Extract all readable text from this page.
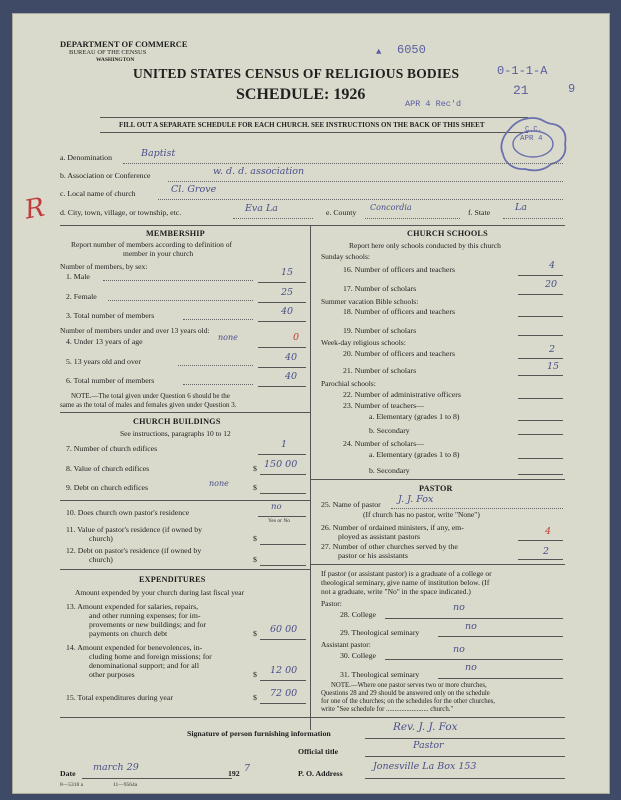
DEPARTMENT OF COMMERCE
BUREAU OF THE CENSUS
WASHINGTON
UNITED STATES CENSUS OF RELIGIOUS BODIES
SCHEDULE: 1926
FILL OUT A SEPARATE SCHEDULE FOR EACH CHURCH. SEE INSTRUCTIONS ON THE BACK OF THIS SHEET
6050
▲
0-1-1-A
APR 4 Rec'd
21	9
C.C.
APR 4
R
a. Denomination	Baptist
b. Association or Conference	w. d. d. association
c. Local name of church	Cl. Grove
d. City, town, village, or township, etc.	Eva La	e. County
Concordia
f. State	La
MEMBERSHIP
Report number of members according to definition of
member in your church
Number of members, by sex:
1. Male	15
2. Female	25
3. Total number of members	40
Number of members under and over 13 years old:
4. Under 13 years of age	none	0
5. 13 years old and over	40
6. Total number of members	40
NOTE.—The total given under Question 6 should be the
same as the total of males and females given under Question 3.
CHURCH BUILDINGS
See instructions, paragraphs 10 to 12
7. Number of church edifices	1
8. Value of church edifices	$ 150 00
9. Debt on church edifices	none	$
10. Does church own pastor's residence
no
Yes or No
11. Value of pastor's residence (if owned by
church)	$
12. Debt on pastor's residence (if owned by
church)	$
EXPENDITURES
Amount expended by your church during last fiscal year
13. Amount expended for salaries, repairs,
and other running expenses; for im-
provements or new buildings; and for
payments on church debt	$ 60 00
14. Amount expended for benevolences, in-
cluding home and foreign missions; for
denominational support; and for all
other purposes	$ 12 00
15. Total expenditures during year	$ 72 00
CHURCH SCHOOLS
Report here only schools conducted by this church
Sunday schools:
16. Number of officers and teachers	4
17. Number of scholars	20
Summer vacation Bible schools:
18. Number of officers and teachers
19. Number of scholars
Week-day religious schools:
20. Number of officers and teachers	2
21. Number of scholars	15
Parochial schools:
22. Number of administrative officers
23. Number of teachers—
a. Elementary (grades 1 to 8)
b. Secondary
24. Number of scholars—
a. Elementary (grades 1 to 8)
b. Secondary
PASTOR
25. Name of pastor J. J. Fox
(If church has no pastor, write "None")
26. Number of ordained ministers, if any, em-
ployed as assistant pastors	4
27. Number of other churches served by the
pastor or his assistants	2
If pastor (or assistant pastor) is a graduate of a college or
theological seminary, give name of institution below. (If
not a graduate, write "No" in the space indicated.)
Pastor:
28. College
no
29. Theological seminary
no
Assistant pastor:
30. College
no
31. Theological seminary
no
NOTE.—Where one pastor serves two or more churches,
Questions 28 and 29 should be answered only on the schedule
for one of the churches; on the schedules for the other churches,
write "See schedule for ......................... church."
Signature of person furnishing information
Rev. J. J. Fox
Official title
Pastor
Date
march 29
192 7	P. O. Address
Jonesville La Box 153
8—5318 a	11—9564a
